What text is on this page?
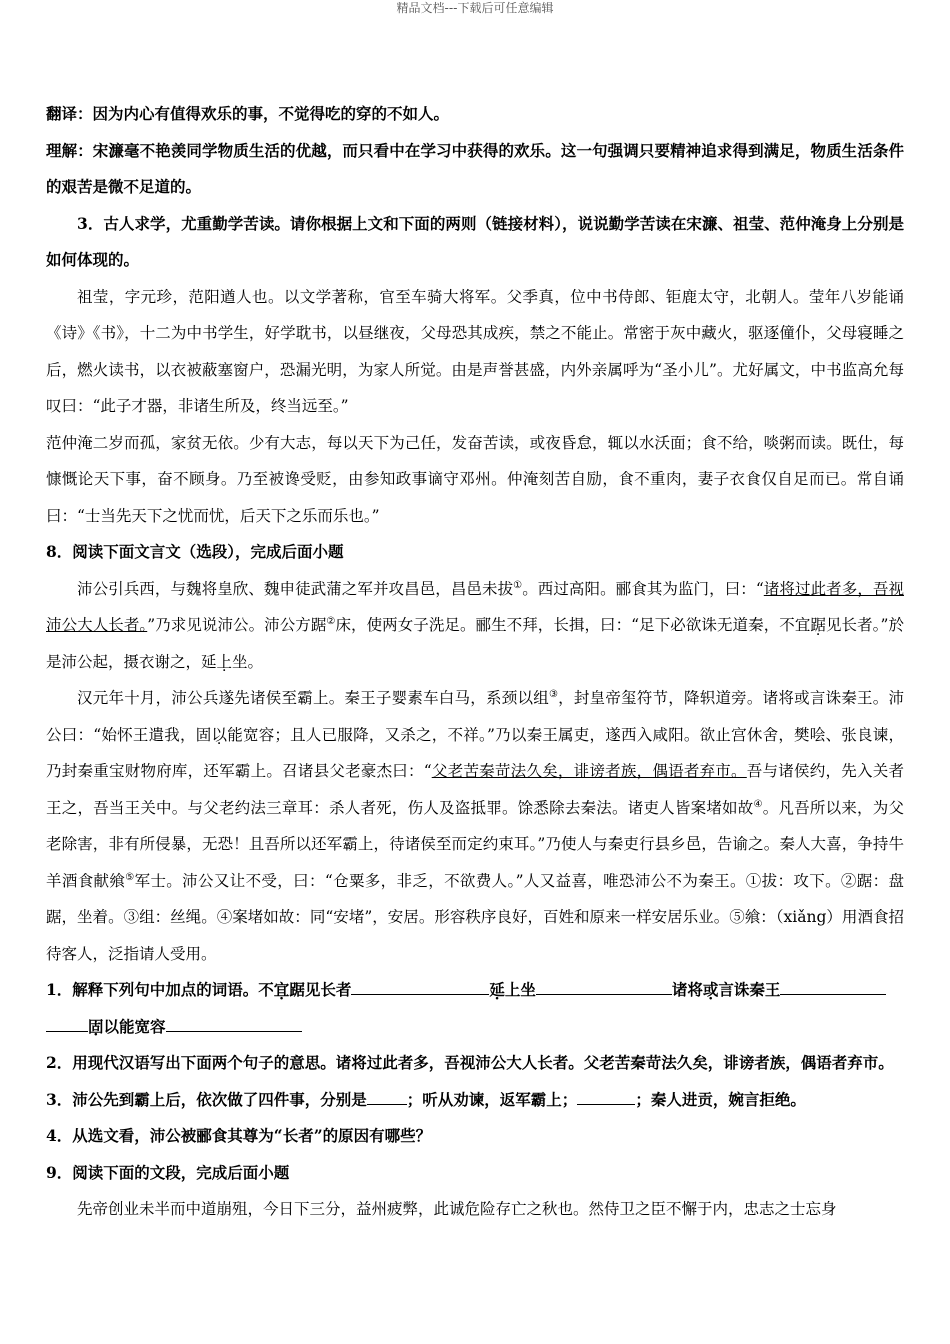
精品文档---下载后可任意编辑

翻译：因为内心有值得欢乐的事，不觉得吃的穿的不如人。

理解：宋濂毫不艳羡同学物质生活的优越，而只看中在学习中获得的欢乐。这一句强调只要精神追求得到满足，物质生活条件的艰苦是微不足道的。

3．古人求学，尤重勤学苦读。请你根据上文和下面的两则（链接材料），说说勤学苦读在宋濂、祖莹、范仲淹身上分别是如何体现的。

祖莹，字元珍，范阳遒人也。以文学著称，官至车骑大将军。父季真，位中书侍郎、钜鹿太守，北朝人。莹年八岁能诵《诗》《书》，十二为中书学生，好学耽书，以昼继夜，父母恐其成疾，禁之不能止。常密于灰中藏火，驱逐僮仆，父母寝睡之后，燃火读书，以衣被蔽塞窗户，恐漏光明，为家人所觉。由是声誉甚盛，内外亲属呼为“圣小儿”。尤好属文，中书监高允每叹曰：“此子才器，非诸生所及，终当远至。”

范仲淹二岁而孤，家贫无依。少有大志，每以天下为己任，发奋苦读，或夜昏怠，辄以水沃面；食不给，啖粥而读。既仕，每慷慨论天下事，奋不顾身。乃至被谗受贬，由参知政事谪守邓州。仲淹刻苦自励，食不重肉，妻子衣食仅自足而已。常自诵曰：“士当先天下之忧而忧，后天下之乐而乐也。”

8．阅读下面文言文（选段），完成后面小题

沛公引兵西，与魏将皇欣、魏申徒武蒲之军并攻昌邑，昌邑未拔①。西过高阳。郦食其为监门，曰：“诸将过此者多，吾视沛公大人长者。”乃求见说沛公。沛公方踞②床，使两女子洗足。郦生不拜，长揖，曰：“足下必欲诛无道秦，不宜踞见长者。”於是沛公起，摄衣谢之，延上坐。

汉元年十月，沛公兵遂先诸侯至霸上。秦王子婴素车白马，系颈以组③，封皇帝玺符节，降轵道旁。诸将或言诛秦王。沛公曰：“始怀王遣我，固以能宽容；且人已服降，又杀之，不祥。”乃以秦王属吏，遂西入咸阳。欲止宫休舍，樊哙、张良谏，乃封秦重宝财物府库，还军霸上。召诸县父老豪杰曰：“父老苦秦苛法久矣，诽谤者族，偶语者弃市。吾与诸侯约，先入关者王之，吾当王关中。与父老约法三章耳：杀人者死，伤人及盗抵罪。馀悉除去秦法。诸吏人皆案堵如故④。凡吾所以来，为父老除害，非有所侵暴，无恐！且吾所以还军霸上，待诸侯至而定约束耳。”乃使人与秦吏行县乡邑，告谕之。秦人大喜，争持牛羊酒食献飨⑤军士。沛公又让不受，曰：“仓粟多，非乏，不欲费人。”人又益喜，唯恐沛公不为秦王。①拔：攻下。②踞：盘踞，坐着。③组：丝绳。④案堵如故：同“安堵”，安居。形容秩序良好，百姓和原来一样安居乐业。⑤飨：（xiǎng）用酒食招待客人，泛指请人受用。

1．解释下列句中加点的词语。不宜踞见长者	延上坐	诸将或言诛秦王
固以能宽容

2．用现代汉语写出下面两个句子的意思。诸将过此者多，吾视沛公大人长者。父老苦秦苛法久矣，诽谤者族，偶语者弃市。

3．沛公先到霸上后，依次做了四件事，分别是	；听从劝谏，返军霸上；	；秦人进贡，婉言拒绝。

4．从选文看，沛公被郦食其尊为“长者”的原因有哪些？

9．阅读下面的文段，完成后面小题

先帝创业未半而中道崩殂，今日下三分，益州疲弊，此诚危险存亡之秋也。然侍卫之臣不懈于内，忠志之士忘身
